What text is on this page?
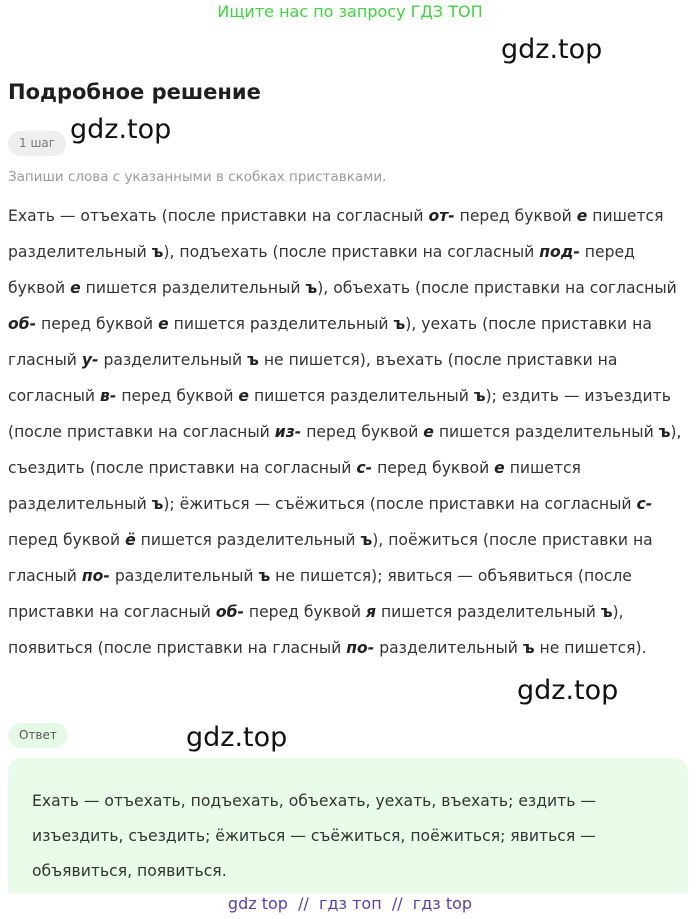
Ищите нас по запросу ГДЗ ТОП
gdz.top
gdz.top
gdz.top
gdz.top
Подробное решение
1 шаг
Запиши слова с указанными в скобках приставками.
Ехать — отъехать (после приставки на согласный от- перед буквой е пишется разделительный ъ), подъехать (после приставки на согласный под- перед буквой е пишется разделительный ъ), объехать (после приставки на согласный об- перед буквой е пишется разделительный ъ), уехать (после приставки на гласный у- разделительный ъ не пишется), въехать (после приставки на согласный в- перед буквой е пишется разделительный ъ); ездить — изъездить (после приставки на согласный из- перед буквой е пишется разделительный ъ), съездить (после приставки на согласный с- перед буквой е пишется разделительный ъ); ёжиться — съёжиться (после приставки на согласный с- перед буквой ё пишется разделительный ъ), поёжиться (после приставки на гласный по- разделительный ъ не пишется); явиться — объявиться (после приставки на согласный об- перед буквой я пишется разделительный ъ), появиться (после приставки на гласный по- разделительный ъ не пишется).
Ответ
Ехать — отъехать, подъехать, объехать, уехать, въехать; ездить — изъездить, съездить; ёжиться — съёжиться, поёжиться; явиться — объявиться, появиться.
gdz top  //  гдз топ  //  гдз top
